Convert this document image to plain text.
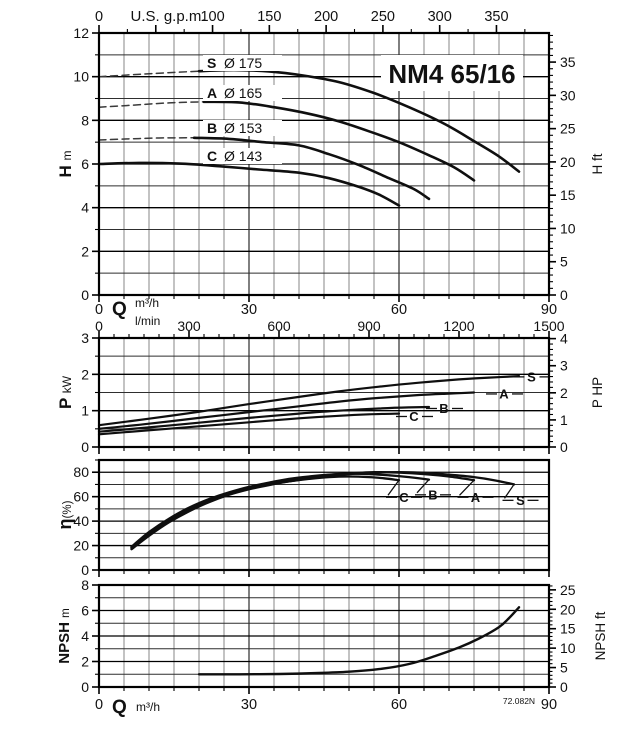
S Ø 175
A Ø 165
B Ø 153
C Ø 143
NM4 65/16
0	100 150 200 250 300 350
U.S. g.p.m.
0
2
4
6
8
10
12
0
5
10
15
20
25
30
35
0	30	60	90
H m	H ft
Q m³/h
l/min
0	300	600	900	1200	1500
S
A
B
C
0
1
2
3
0
1
2
3
4
P kW	P HP
C B	A	S
0
20
40
60
80
η(%)
0
2
4
6
8
0
5
10
15
20
25
0	30	60	90
NPSH m	NPSH ft
Q m³/h	72.082N
